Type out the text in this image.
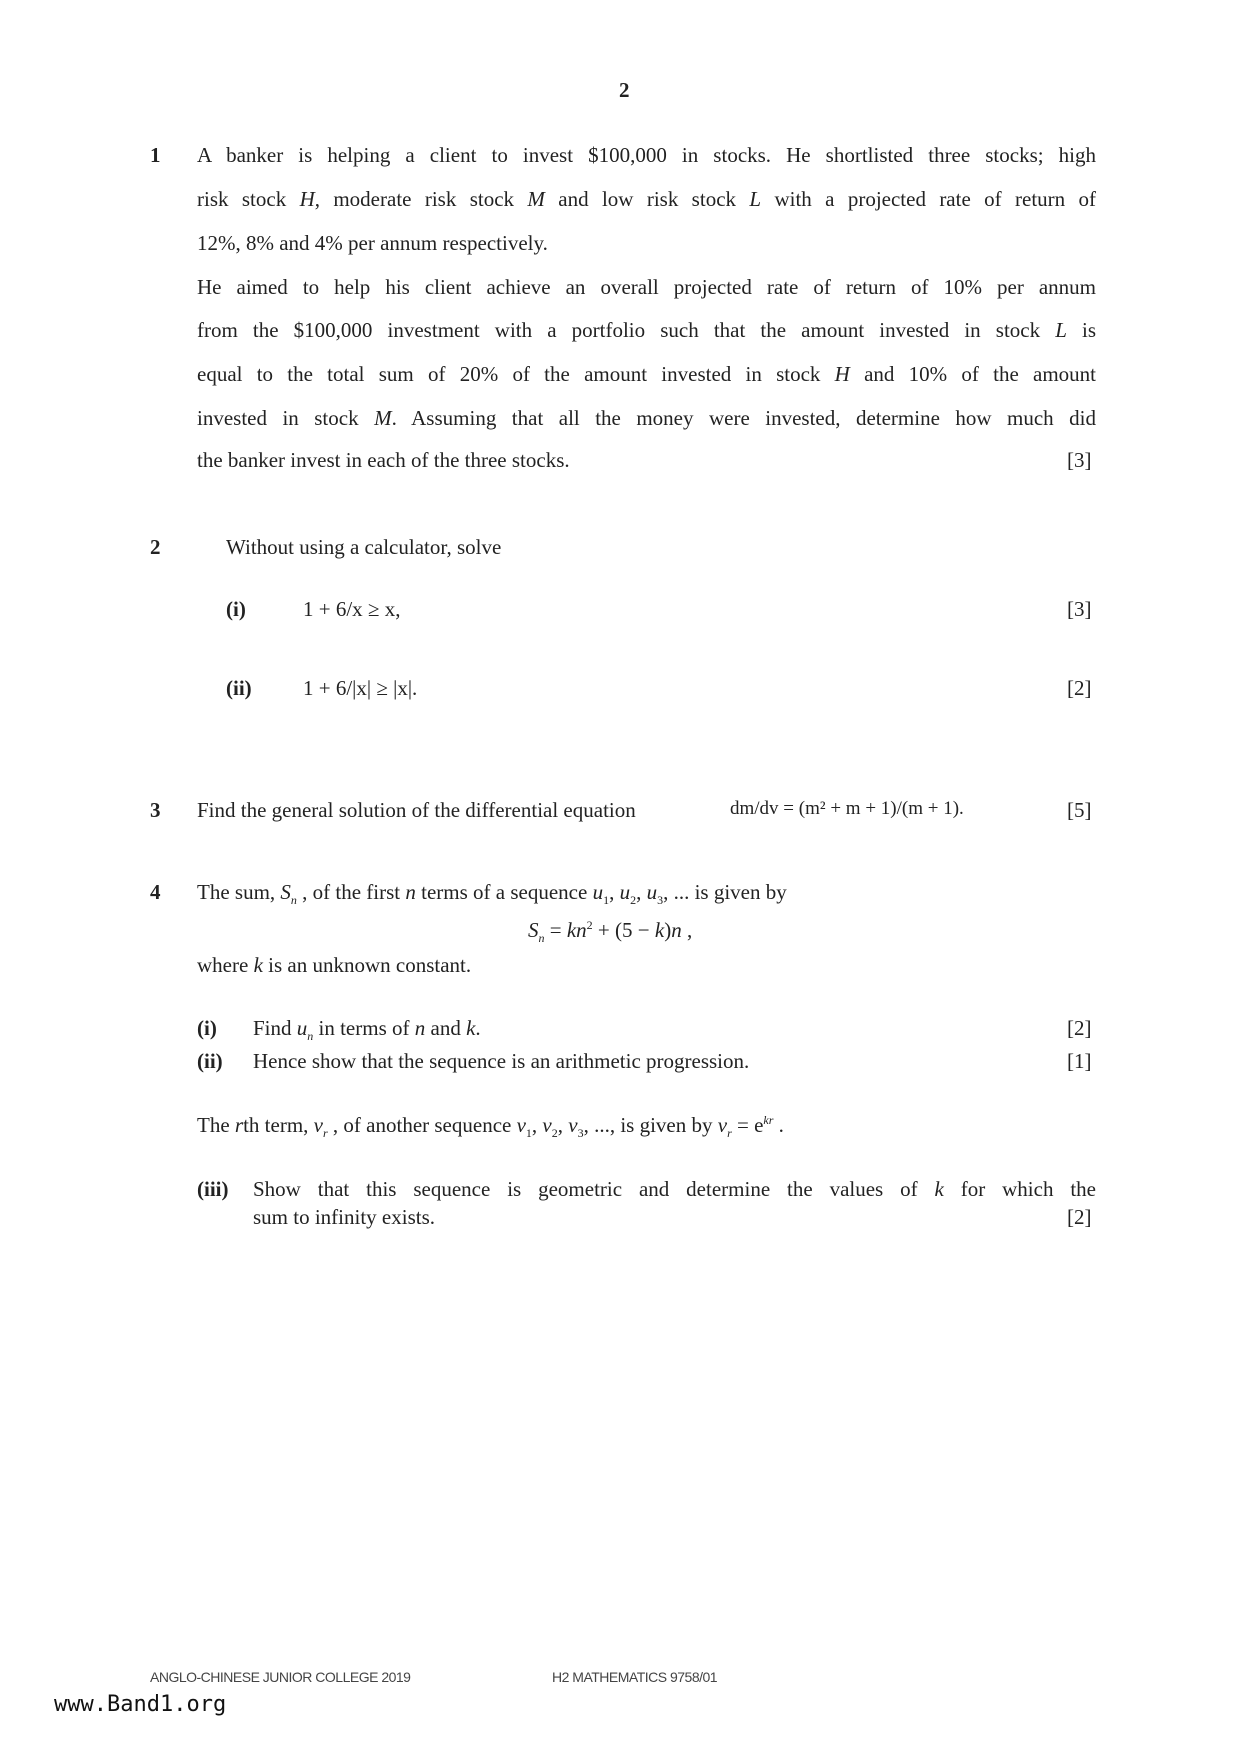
2
1 A banker is helping a client to invest $100,000 in stocks. He shortlisted three stocks; high
risk stock H, moderate risk stock M and low risk stock L with a projected rate of return of
12%, 8% and 4% per annum respectively.
He aimed to help his client achieve an overall projected rate of return of 10% per annum
from the $100,000 investment with a portfolio such that the amount invested in stock L is
equal to the total sum of 20% of the amount invested in stock H and 10% of the amount
invested in stock M. Assuming that all the money were invested, determine how much did
the banker invest in each of the three stocks.	[3]
2	Without using a calculator, solve
(i)	1 + 6/x ≥ x,	[3]
(ii) 1 + 6/|x| ≥ |x|.	[2]
3 Find the general solution of the differential equation	dm/dv = (m² + m + 1)/(m + 1).	[5]
4 The sum, $S_n$ , of the first n terms of a sequence $u_1$, $u_2$, $u_3$, ... is given by
$S_n = kn^2 + (5 - k)n$ ,
where k is an unknown constant.
(i) Find $u_n$ in terms of n and k.	[2]
(ii) Hence show that the sequence is an arithmetic progression.	[1]
The rth term, $v_r$ , of another sequence $v_1$, $v_2$, $v_3$, ..., is given by $v_r = e^{kr}$ .
(iii) Show that this sequence is geometric and determine the values of k for which the
sum to infinity exists.	[2]
ANGLO-CHINESE JUNIOR COLLEGE 2019	H2 MATHEMATICS 9758/01
www.Band1.org
